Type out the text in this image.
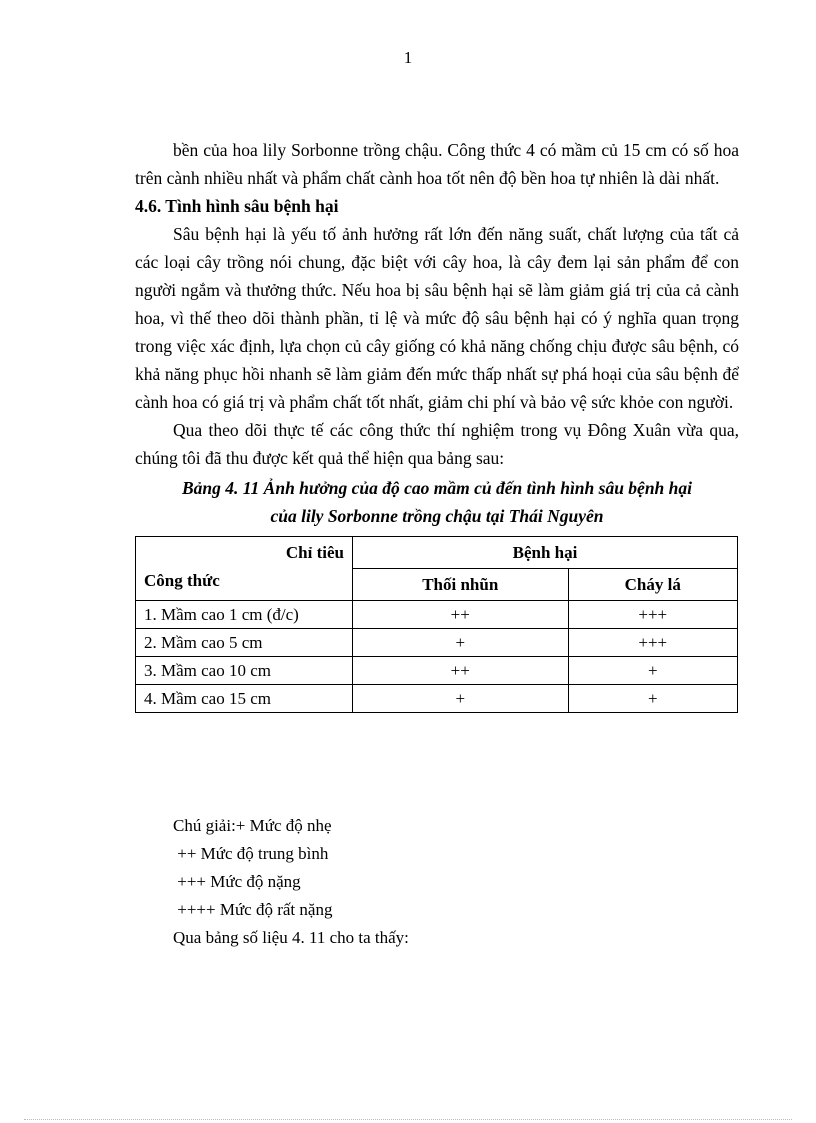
1

bền của hoa lily Sorbonne trồng chậu. Công thức 4 có mầm củ 15 cm có số hoa trên cành nhiều nhất và phẩm chất cành hoa tốt nên độ bền hoa tự nhiên là dài nhất.

4.6. Tình hình sâu bệnh hại

Sâu bệnh hại là yếu tố ảnh hưởng rất lớn đến năng suất, chất lượng của tất cả các loại cây trồng nói chung, đặc biệt với cây hoa, là cây đem lại sản phẩm để con người ngắm và thưởng thức. Nếu hoa bị sâu bệnh hại sẽ làm giảm giá trị của cả cành hoa, vì thế theo dõi thành phần, tỉ lệ và mức độ sâu bệnh hại có ý nghĩa quan trọng trong việc xác định, lựa chọn củ cây giống có khả năng chống chịu được sâu bệnh, có khả năng phục hồi nhanh sẽ làm giảm đến mức thấp nhất sự phá hoại của sâu bệnh để cành hoa có giá trị và phẩm chất tốt nhất, giảm chi phí và bảo vệ sức khỏe con người.

Qua theo dõi thực tế các công thức thí nghiệm trong vụ Đông Xuân vừa qua, chúng tôi đã thu được kết quả thể hiện qua bảng sau:

Bảng 4. 11 Ảnh hưởng của độ cao mầm củ đến tình hình sâu bệnh hại
của lily Sorbonne trồng chậu tại Thái Nguyên
Chỉ tiêu
Công thức	Bệnh hại	
	Thối nhũn	Cháy lá
1. Mầm cao 1 cm (đ/c)	++	+++
2. Mầm cao 5 cm	+	+++
3. Mầm cao 10 cm	++	+
4. Mầm cao 15 cm	+	+
Chú giải:+ Mức độ nhẹ
++ Mức độ trung bình
+++ Mức độ nặng
++++ Mức độ rất nặng
Qua bảng số liệu 4. 11 cho ta thấy:
